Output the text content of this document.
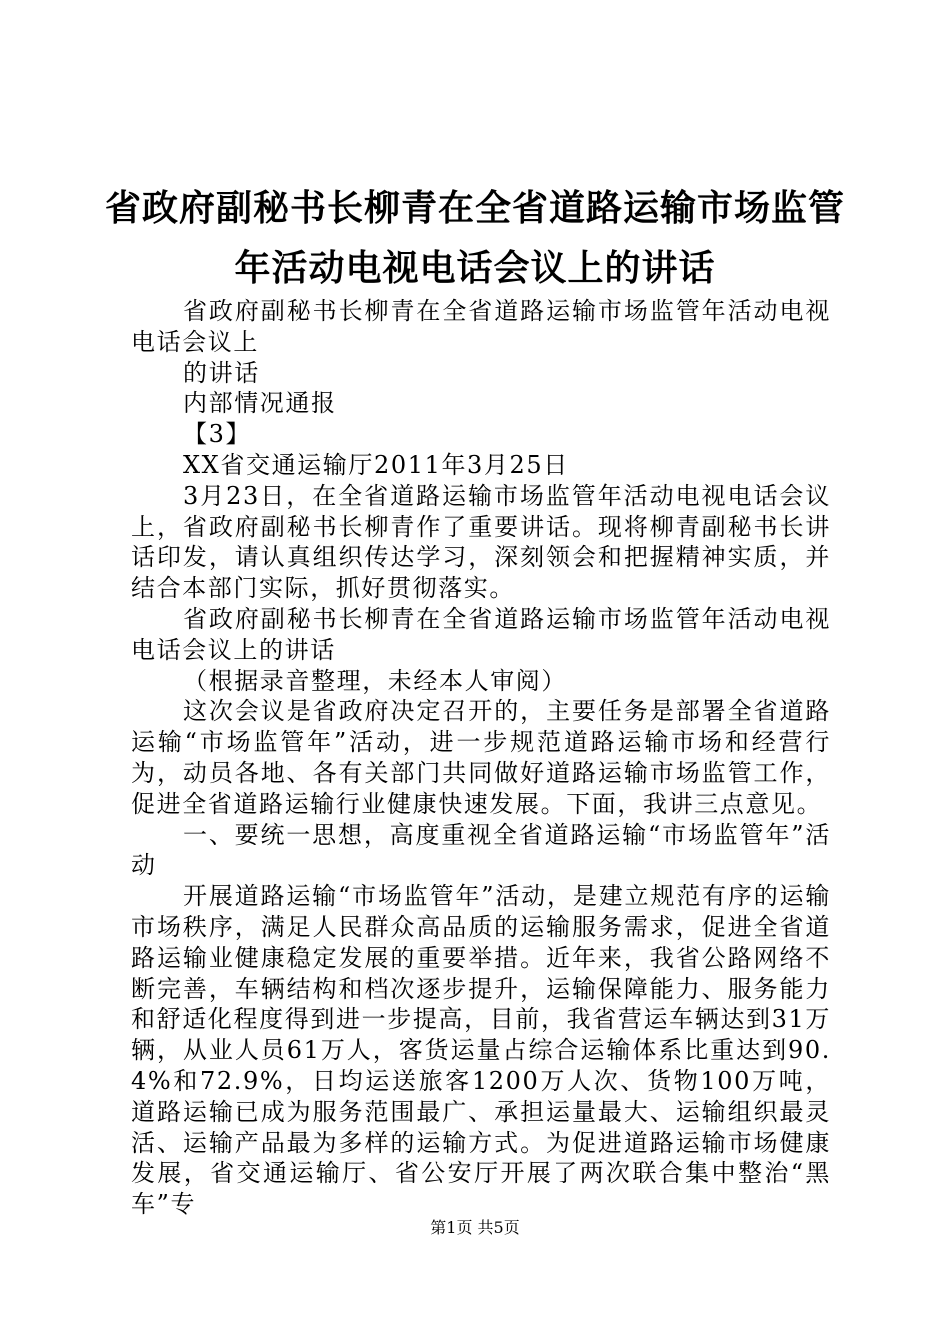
省政府副秘书长柳青在全省道路运输市场监管
年活动电视电话会议上的讲话

省政府副秘书长柳青在全省道路运输市场监管年活动电视电话会议上

的讲话

内部情况通报

【3】

XX省交通运输厅2011年3月25日

3月23日，在全省道路运输市场监管年活动电视电话会议上，省政府副秘书长柳青作了重要讲话。现将柳青副秘书长讲话印发，请认真组织传达学习，深刻领会和把握精神实质，并结合本部门实际，抓好贯彻落实。

省政府副秘书长柳青在全省道路运输市场监管年活动电视电话会议上的讲话

（根据录音整理，未经本人审阅）

这次会议是省政府决定召开的，主要任务是部署全省道路运输“市场监管年”活动，进一步规范道路运输市场和经营行为，动员各地、各有关部门共同做好道路运输市场监管工作，促进全省道路运输行业健康快速发展。下面，我讲三点意见。

一、要统一思想，高度重视全省道路运输“市场监管年”活动

开展道路运输“市场监管年”活动，是建立规范有序的运输市场秩序，满足人民群众高品质的运输服务需求，促进全省道路运输业健康稳定发展的重要举措。近年来，我省公路网络不断完善，车辆结构和档次逐步提升，运输保障能力、服务能力和舒适化程度得到进一步提高，目前，我省营运车辆达到31万辆，从业人员61万人，客货运量占综合运输体系比重达到90.4%和72.9%，日均运送旅客1200万人次、货物100万吨，道路运输已成为服务范围最广、承担运量最大、运输组织最灵活、运输产品最为多样的运输方式。为促进道路运输市场健康发展，省交通运输厅、省公安厅开展了两次联合集中整治“黑车”专

第1页 共5页
